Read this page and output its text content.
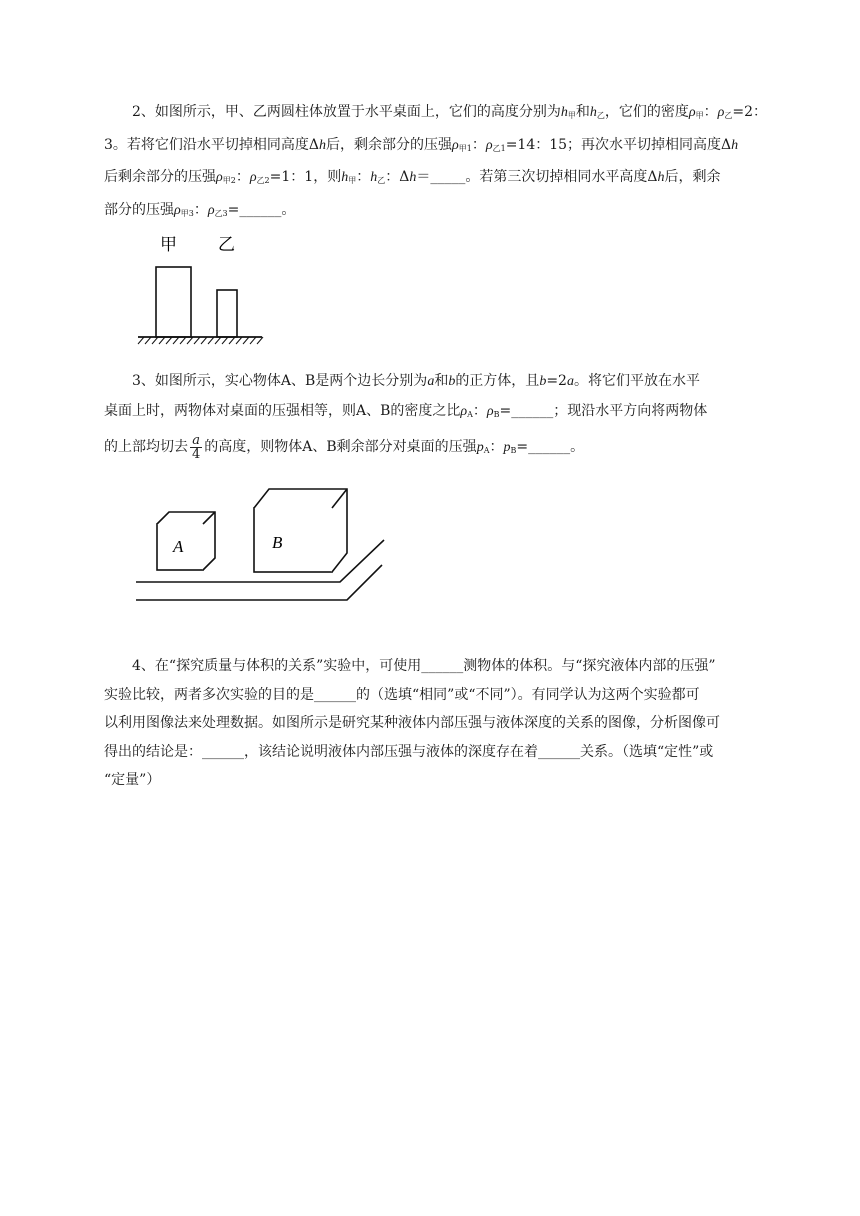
2、如图所示，甲、乙两圆柱体放置于水平桌面上，它们的高度分别为$h_甲$和$h_乙$，它们的密度$\rho_甲$：$\rho_乙=2$：
3。若将它们沿水平切掉相同高度Δh后，剩余部分的压强$\rho_{甲1}$：$\rho_{乙1}=14$：15；再次水平切掉相同高度Δh
后剩余部分的压强$\rho_{甲2}$：$\rho_{乙2}=1$：1，则$h_甲$：$h_乙$：Δh＝_____。若第三次切掉相同水平高度Δh后，剩余
部分的压强$\rho_{甲3}$：$\rho_{乙3}=\_\_\_\_\_\_$。
甲 乙
3、如图所示，实心物体A、B是两个边长分别为a和b的正方体，且b=2a。将它们平放在水平
桌面上时，两物体对桌面的压强相等，则A、B的密度之比$\rho_A$：$\rho_B=\_\_\_\_\_\_$；现沿水平方向将两物体
的上部均切去 $\frac{a}{4}$ 的高度，则物体A、B剩余部分对桌面的压强$p_A$：$p_B=\_\_\_\_\_\_$。
A	B
4、在“探究质量与体积的关系”实验中，可使用______测物体的体积。与“探究液体内部的压强”
实验比较，两者多次实验的目的是______的（选填“相同”或“不同”）。有同学认为这两个实验都可
以利用图像法来处理数据。如图所示是研究某种液体内部压强与液体深度的关系的图像，分析图像可
得出的结论是：______，该结论说明液体内部压强与液体的深度存在着______关系。（选填“定性”或
“定量”）
